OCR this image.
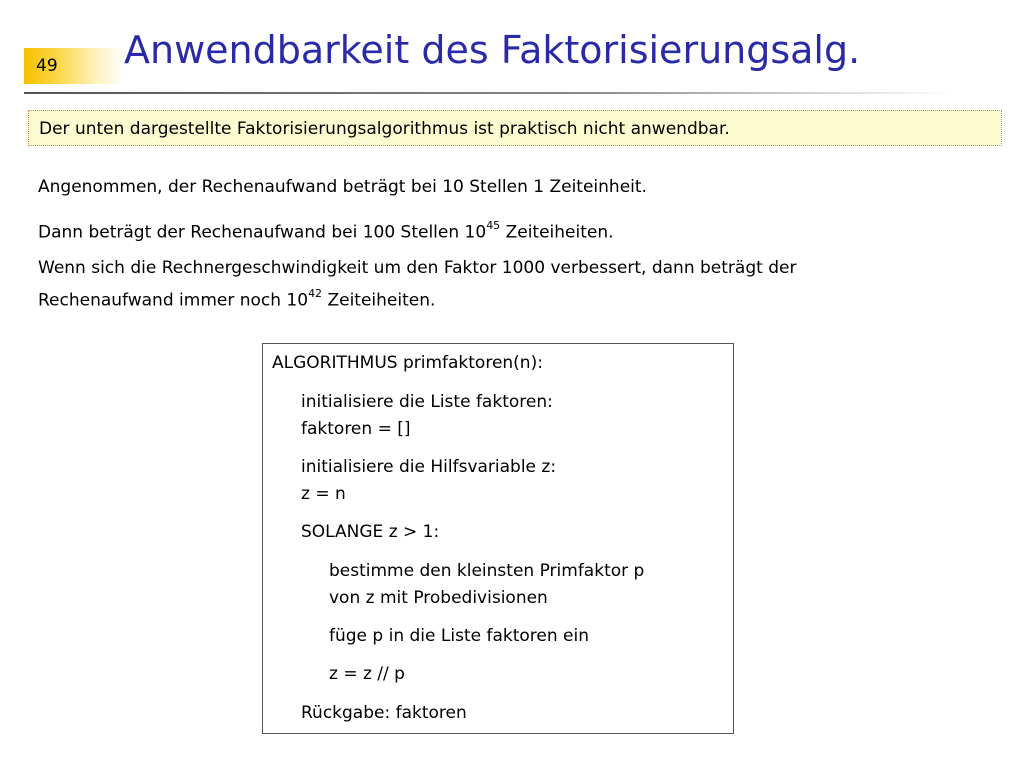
49 Anwendbarkeit des Faktorisierungsalg.
Der unten dargestellte Faktorisierungsalgorithmus ist praktisch nicht anwendbar.
Angenommen, der Rechenaufwand beträgt bei 10 Stellen 1 Zeiteinheit.
Dann beträgt der Rechenaufwand bei 100 Stellen $10^{45}$ Zeiteiheiten.
Wenn sich die Rechnergeschwindigkeit um den Faktor 1000 verbessert, dann beträgt der
Rechenaufwand immer noch $10^{42}$ Zeiteiheiten.
ALGORITHMUS primfaktoren(n):
initialisiere die Liste faktoren:
faktoren = []
initialisiere die Hilfsvariable z:
z = n
SOLANGE z > 1:
bestimme den kleinsten Primfaktor p
von z mit Probedivisionen
füge p in die Liste faktoren ein
z = z // p
Rückgabe: faktoren
